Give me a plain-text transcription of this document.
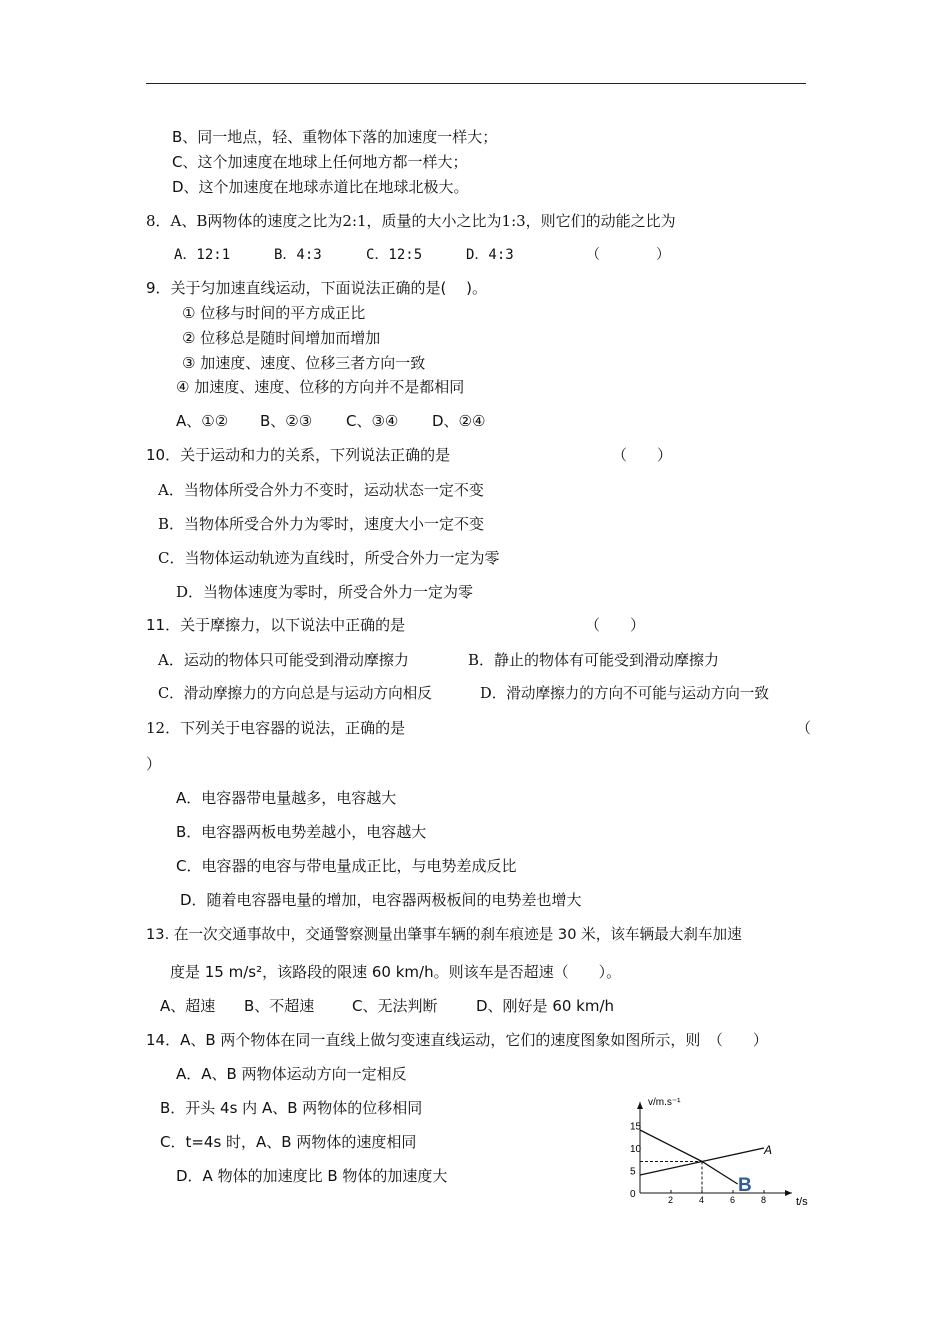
B、同一地点，轻、重物体下落的加速度一样大；
C、这个加速度在地球上任何地方都一样大；
D、这个加速度在地球赤道比在地球北极大。
8．A、B两物体的速度之比为2:1，质量的大小之比为1:3，则它们的动能之比为
A．12:1	B．4:3	C．12:5	D．4:3	（　　　　）
9．关于匀加速直线运动，下面说法正确的是(　 )。
① 位移与时间的平方成正比
② 位移总是随时间增加而增加
③ 加速度、速度、位移三者方向一致
④ 加速度、速度、位移的方向并不是都相同
A、①② B、②③ C、③④ D、②④
10．关于运动和力的关系，下列说法正确的是	（　　）
A．当物体所受合外力不变时，运动状态一定不变
B．当物体所受合外力为零时，速度大小一定不变
C．当物体运动轨迹为直线时，所受合外力一定为零
D．当物体速度为零时，所受合外力一定为零
11．关于摩擦力，以下说法中正确的是	（　　）
A．运动的物体只可能受到滑动摩擦力	B．静止的物体有可能受到滑动摩擦力
C．滑动摩擦力的方向总是与运动方向相反	D．滑动摩擦力的方向不可能与运动方向一致
12．下列关于电容器的说法，正确的是	（
）
A．电容器带电量越多，电容越大
B．电容器两板电势差越小，电容越大
C．电容器的电容与带电量成正比，与电势差成反比
D．随着电容器电量的增加，电容器两极板间的电势差也增大
13. 在一次交通事故中，交通警察测量出肇事车辆的刹车痕迹是 30 米，该车辆最大刹车加速
度是 15 m/s²，该路段的限速 60 km/h。则该车是否超速（　　）。
A、超速 B、不超速	C、无法判断	D、刚好是 60 km/h
14．A、B 两个物体在同一直线上做匀变速直线运动，它们的速度图象如图所示，则　（　　）
A．A、B 两物体运动方向一定相反
B．开头 4s 内 A、B 两物体的位移相同
C．t=4s 时，A、B 两物体的速度相同
D．A 物体的加速度比 B 物体的加速度大
v/m.s⁻¹
t/s
0
5
10
15
2	4	6	8
A
B
